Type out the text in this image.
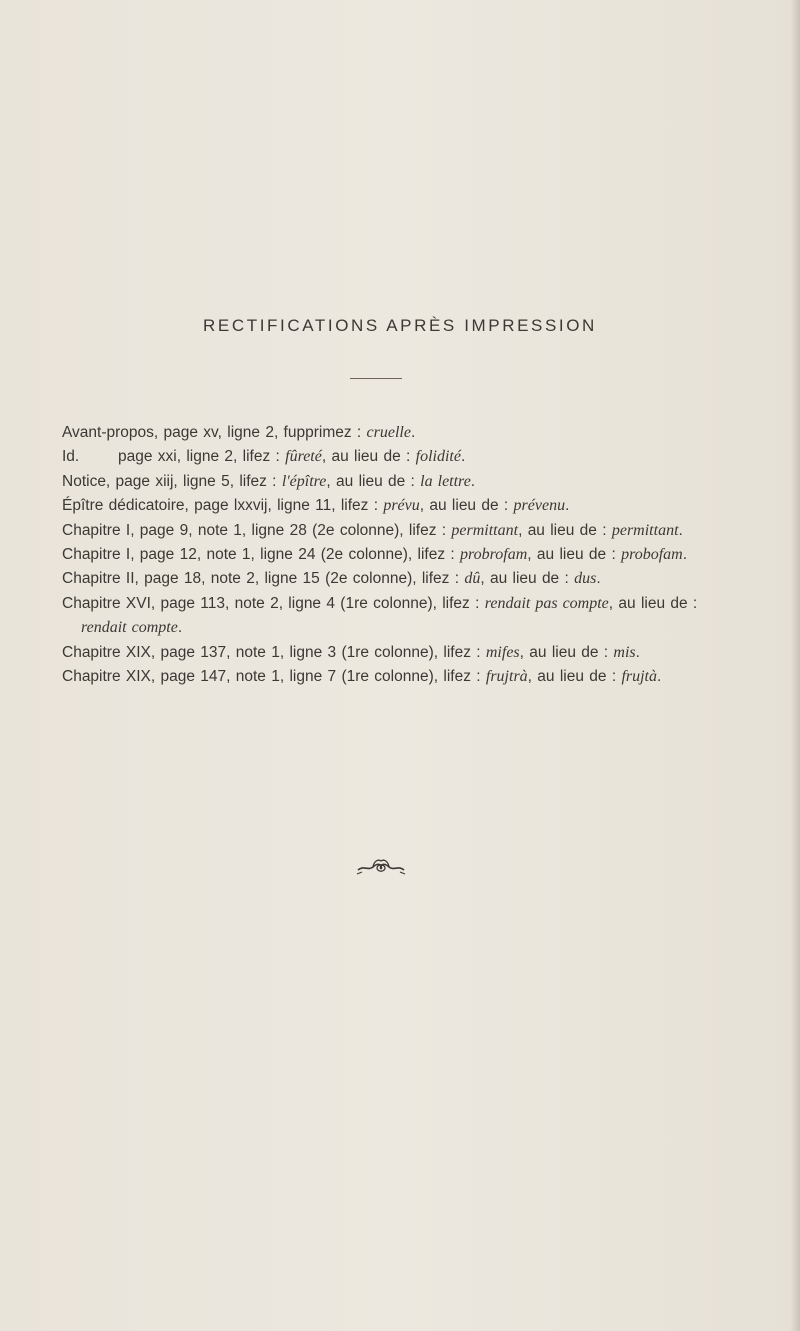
RECTIFICATIONS APRÈS IMPRESSION
Avant-propos, page xv, ligne 2, fupprimez : cruelle.
Id.	page xxi, ligne 2, lifez : fûreté, au lieu de : folidité.
Notice, page xiij, ligne 5, lifez : l'épître, au lieu de : la lettre.
Épître dédicatoire, page lxxvij, ligne 11, lifez : prévu, au lieu de : prévenu.
Chapitre I, page 9, note 1, ligne 28 (2e colonne), lifez : permittant, au lieu de : permittant.
Chapitre I, page 12, note 1, ligne 24 (2e colonne), lifez : probrofam, au lieu de : probofam.
Chapitre II, page 18, note 2, ligne 15 (2e colonne), lifez : dû, au lieu de : dus.
Chapitre XVI, page 113, note 2, ligne 4 (1re colonne), lifez : rendait pas compte, au lieu de : rendait compte.
Chapitre XIX, page 137, note 1, ligne 3 (1re colonne), lifez : mifes, au lieu de : mis.
Chapitre XIX, page 147, note 1, ligne 7 (1re colonne), lifez : frujtrà, au lieu de : frujtà.
